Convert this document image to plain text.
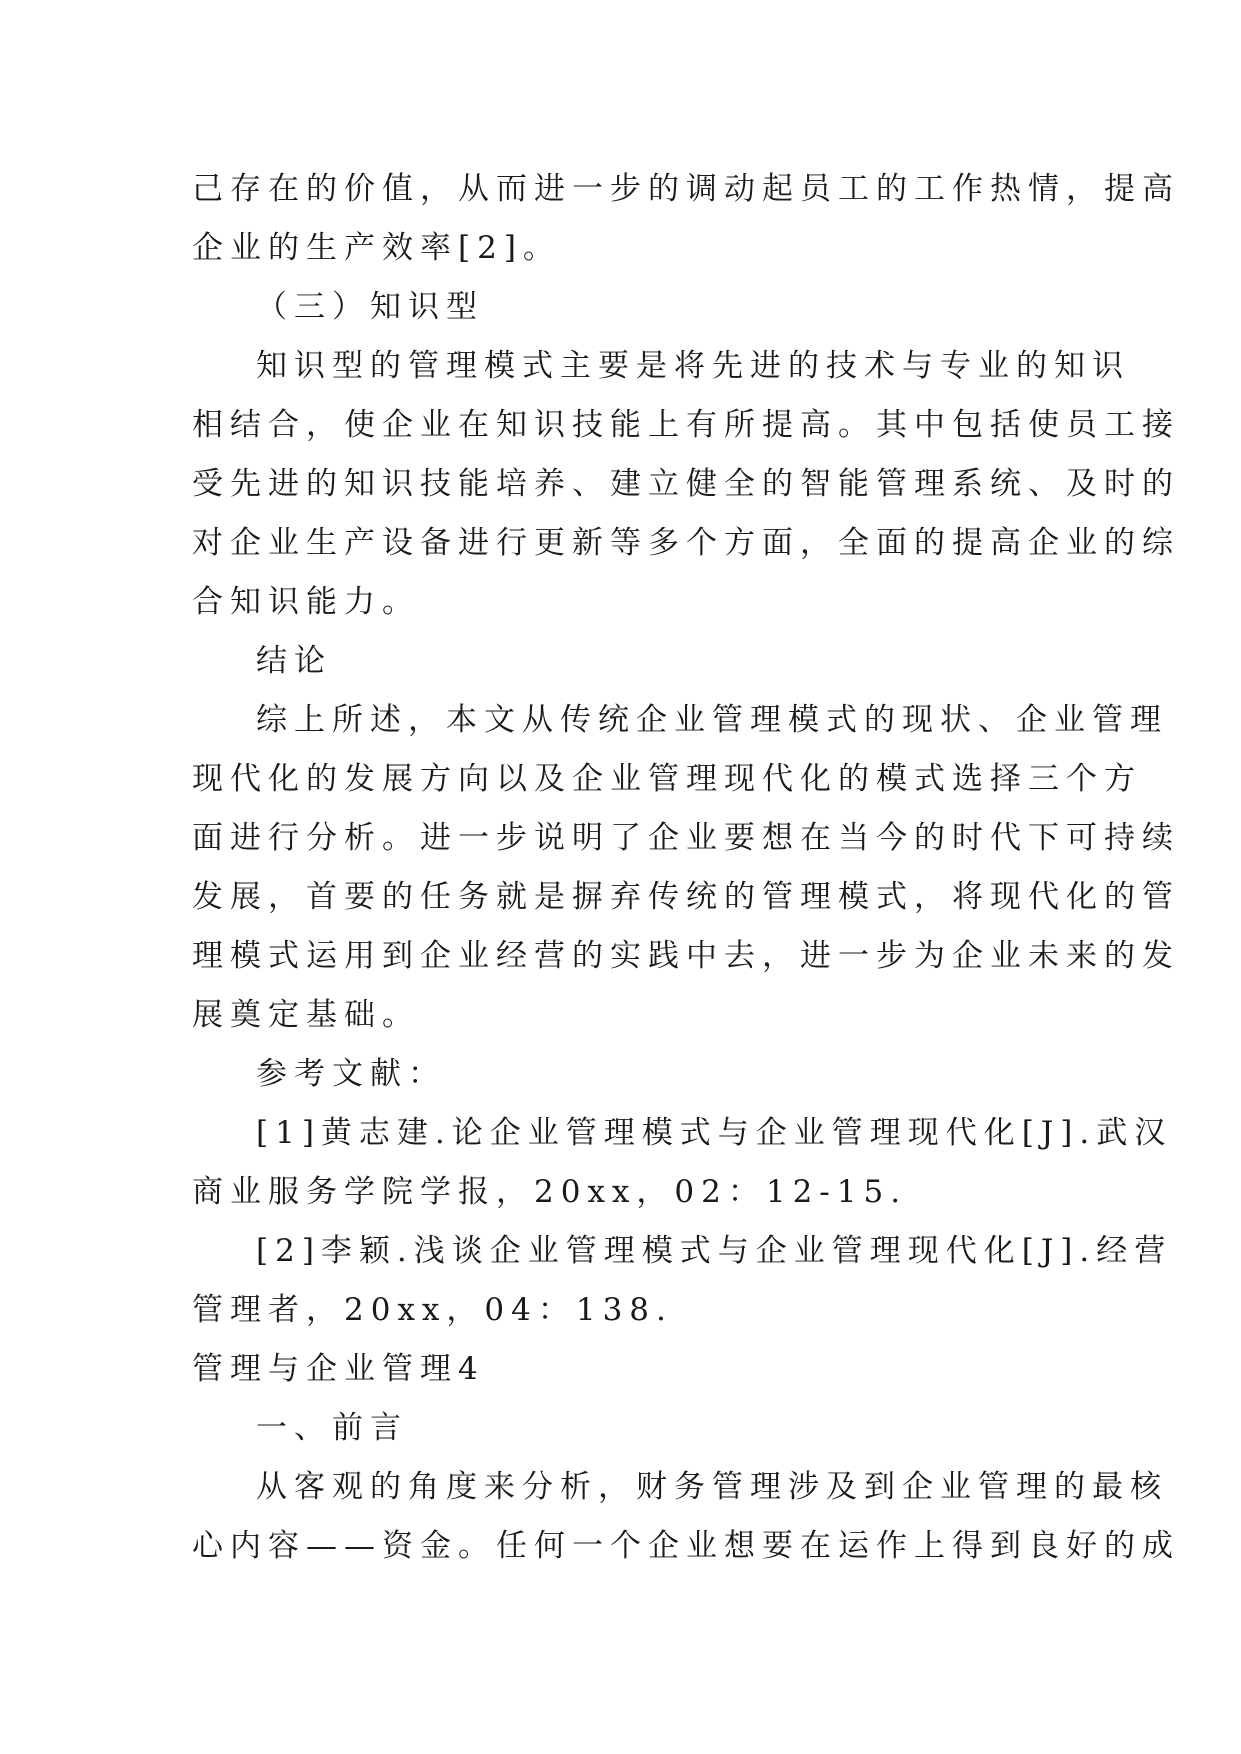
己存在的价值，从而进一步的调动起员工的工作热情，提高
企业的生产效率[2]。
（三）知识型
知识型的管理模式主要是将先进的技术与专业的知识
相结合，使企业在知识技能上有所提高。其中包括使员工接
受先进的知识技能培养、建立健全的智能管理系统、及时的
对企业生产设备进行更新等多个方面，全面的提高企业的综
合知识能力。
结论
综上所述，本文从传统企业管理模式的现状、企业管理
现代化的发展方向以及企业管理现代化的模式选择三个方
面进行分析。进一步说明了企业要想在当今的时代下可持续
发展，首要的任务就是摒弃传统的管理模式，将现代化的管
理模式运用到企业经营的实践中去，进一步为企业未来的发
展奠定基础。
参考文献：
[1]黄志建.论企业管理模式与企业管理现代化[J].武汉
商业服务学院学报，20xx，02：12-15.
[2]李颖.浅谈企业管理模式与企业管理现代化[J].经营
管理者，20xx，04：138.
管理与企业管理4
一、前言
从客观的角度来分析，财务管理涉及到企业管理的最核
心内容——资金。任何一个企业想要在运作上得到良好的成
